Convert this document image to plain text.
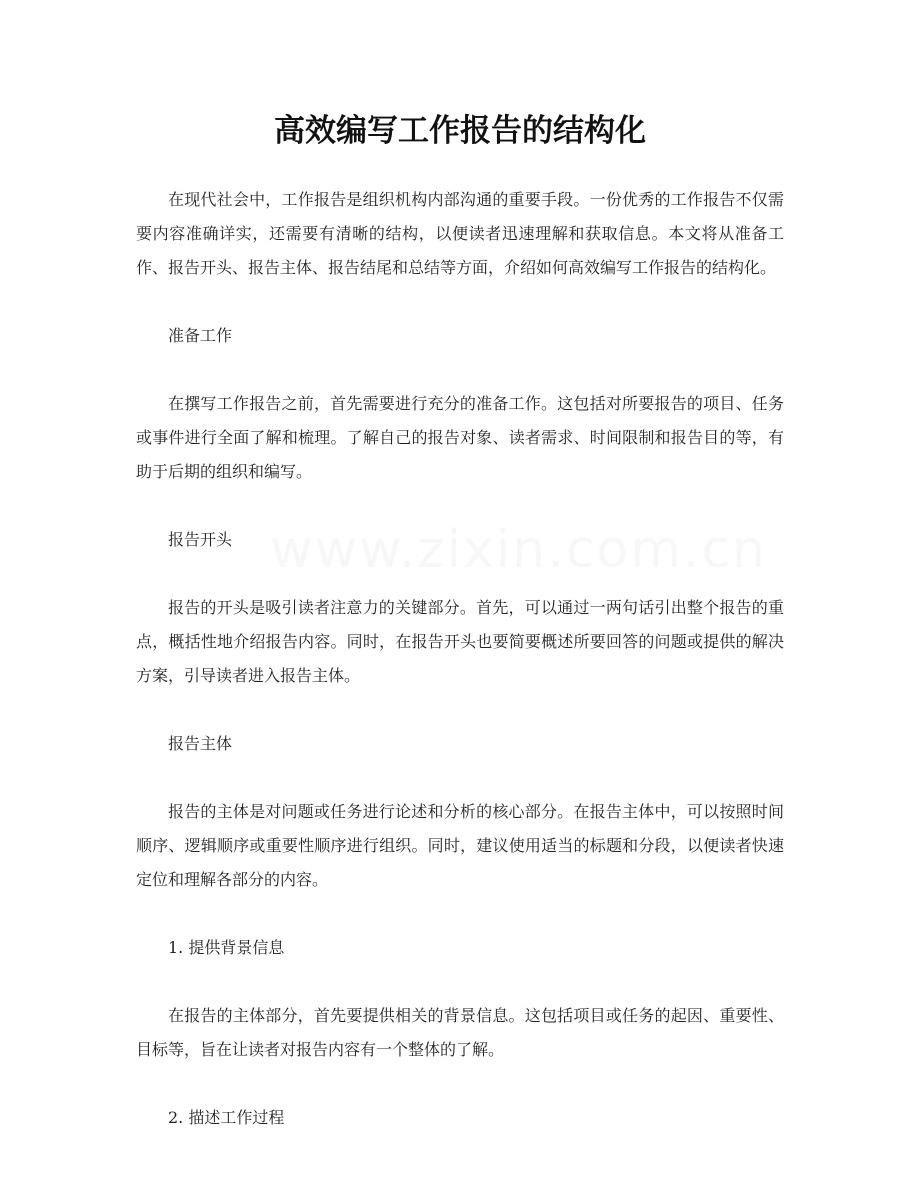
高效编写工作报告的结构化
www.zixin.com.cn

在现代社会中，工作报告是组织机构内部沟通的重要手段。一份优秀的工作报告不仅需要内容准确详实，还需要有清晰的结构，以便读者迅速理解和获取信息。本文将从准备工作、报告开头、报告主体、报告结尾和总结等方面，介绍如何高效编写工作报告的结构化。

准备工作

在撰写工作报告之前，首先需要进行充分的准备工作。这包括对所要报告的项目、任务或事件进行全面了解和梳理。了解自己的报告对象、读者需求、时间限制和报告目的等，有助于后期的组织和编写。

报告开头

报告的开头是吸引读者注意力的关键部分。首先，可以通过一两句话引出整个报告的重点，概括性地介绍报告内容。同时，在报告开头也要简要概述所要回答的问题或提供的解决方案，引导读者进入报告主体。

报告主体

报告的主体是对问题或任务进行论述和分析的核心部分。在报告主体中，可以按照时间顺序、逻辑顺序或重要性顺序进行组织。同时，建议使用适当的标题和分段，以便读者快速定位和理解各部分的内容。

1. 提供背景信息

在报告的主体部分，首先要提供相关的背景信息。这包括项目或任务的起因、重要性、目标等，旨在让读者对报告内容有一个整体的了解。

2. 描述工作过程
